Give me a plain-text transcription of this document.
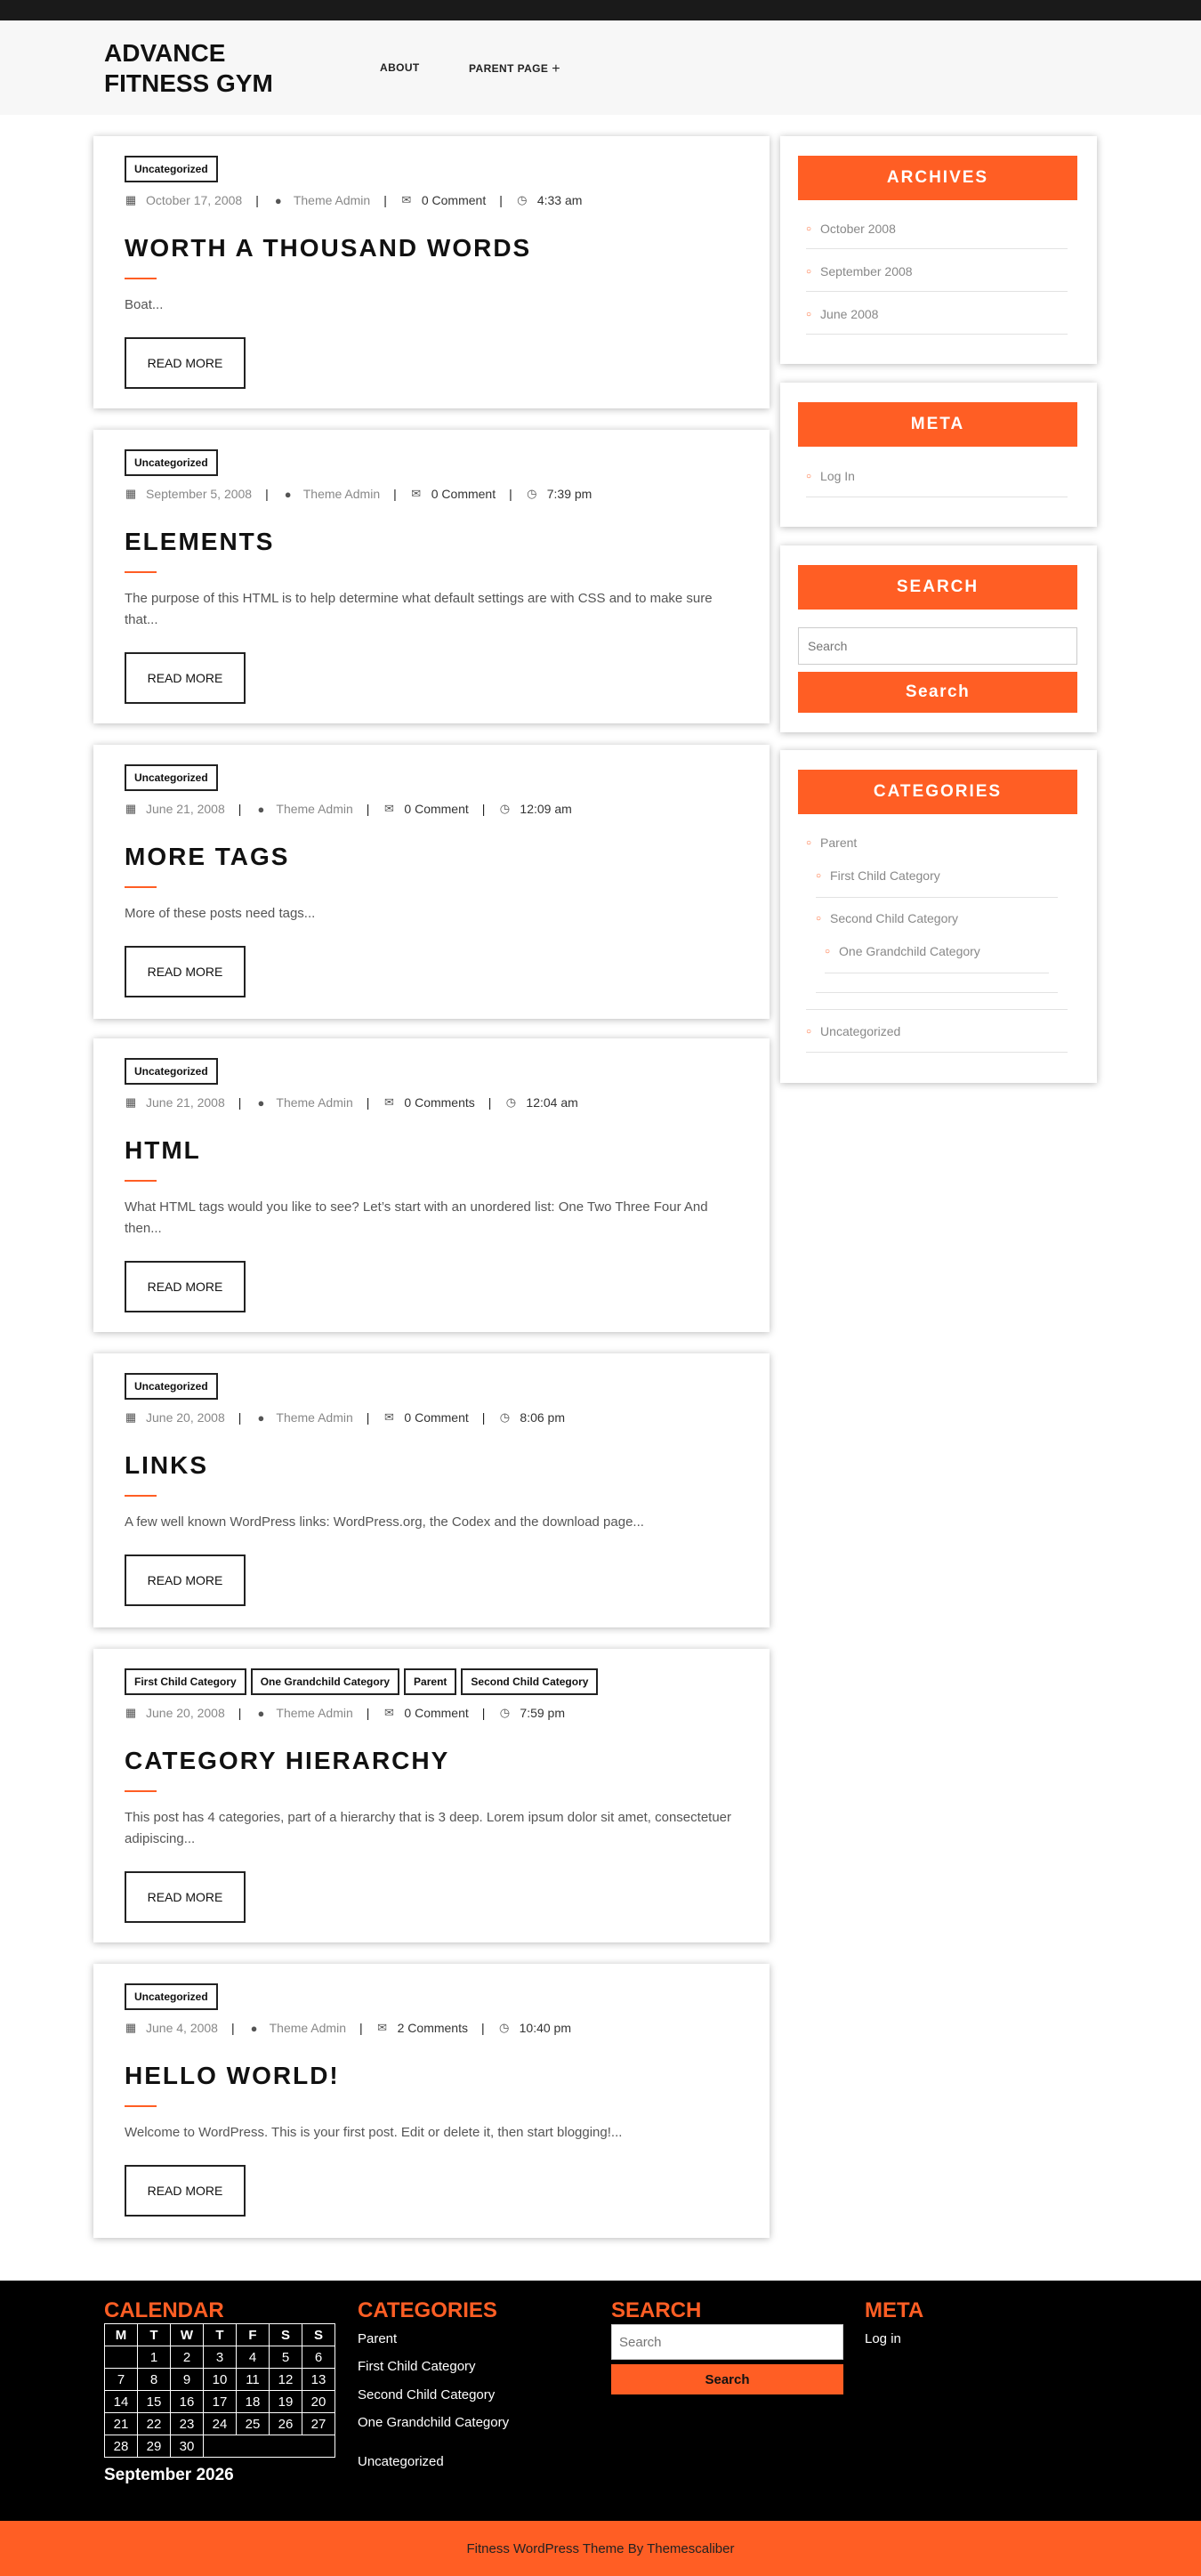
ADVANCE FITNESS GYM
ABOUT	PARENT PAGE +
Uncategorized
▦ October 17, 2008 | ● Theme Admin | ✉ 0 Comment | ◷ 4:33 am
WORTH A THOUSAND WORDS
Boat...
READ MORE
Uncategorized
▦ September 5, 2008 | ● Theme Admin | ✉ 0 Comment | ◷ 7:39 pm
ELEMENTS
The purpose of this HTML is to help determine what default settings are with CSS and to make sure that...
READ MORE
Uncategorized
▦ June 21, 2008 | ● Theme Admin | ✉ 0 Comment | ◷ 12:09 am
MORE TAGS
More of these posts need tags...
READ MORE
Uncategorized
▦ June 21, 2008 | ● Theme Admin | ✉ 0 Comments | ◷ 12:04 am
HTML
What HTML tags would you like to see? Let’s start with an unordered list: One Two Three Four And then...
READ MORE
Uncategorized
▦ June 20, 2008 | ● Theme Admin | ✉ 0 Comment | ◷ 8:06 pm
LINKS
A few well known WordPress links: WordPress.org, the Codex and the download page...
READ MORE
First Child Category	One Grandchild Category	Parent	Second Child Category
▦ June 20, 2008 | ● Theme Admin | ✉ 0 Comment | ◷ 7:59 pm
CATEGORY HIERARCHY
This post has 4 categories, part of a hierarchy that is 3 deep. Lorem ipsum dolor sit amet, consectetuer adipiscing...
READ MORE
Uncategorized
▦ June 4, 2008 | ● Theme Admin | ✉ 2 Comments | ◷ 10:40 pm
HELLO WORLD!
Welcome to WordPress. This is your first post. Edit or delete it, then start blogging!...
READ MORE
ARCHIVES
○ October 2008
○ September 2008
○ June 2008
META
○ Log In
SEARCH
Search
Search
CATEGORIES
○ Parent
○ First Child Category
○ Second Child Category
○ One Grandchild Category
○ Uncategorized
CALENDAR
M	T	W	T	F	S	S
	1	2	3	4	5	6
7	8	9	10	11	12	13
14	15	16	17	18	19	20
21	22	23	24	25	26	27
28	29	30				
September 2026
CATEGORIES
Parent
First Child Category
Second Child Category
One Grandchild Category
Uncategorized
SEARCH
Search
Search
META
Log in
Fitness WordPress Theme By Themescaliber
